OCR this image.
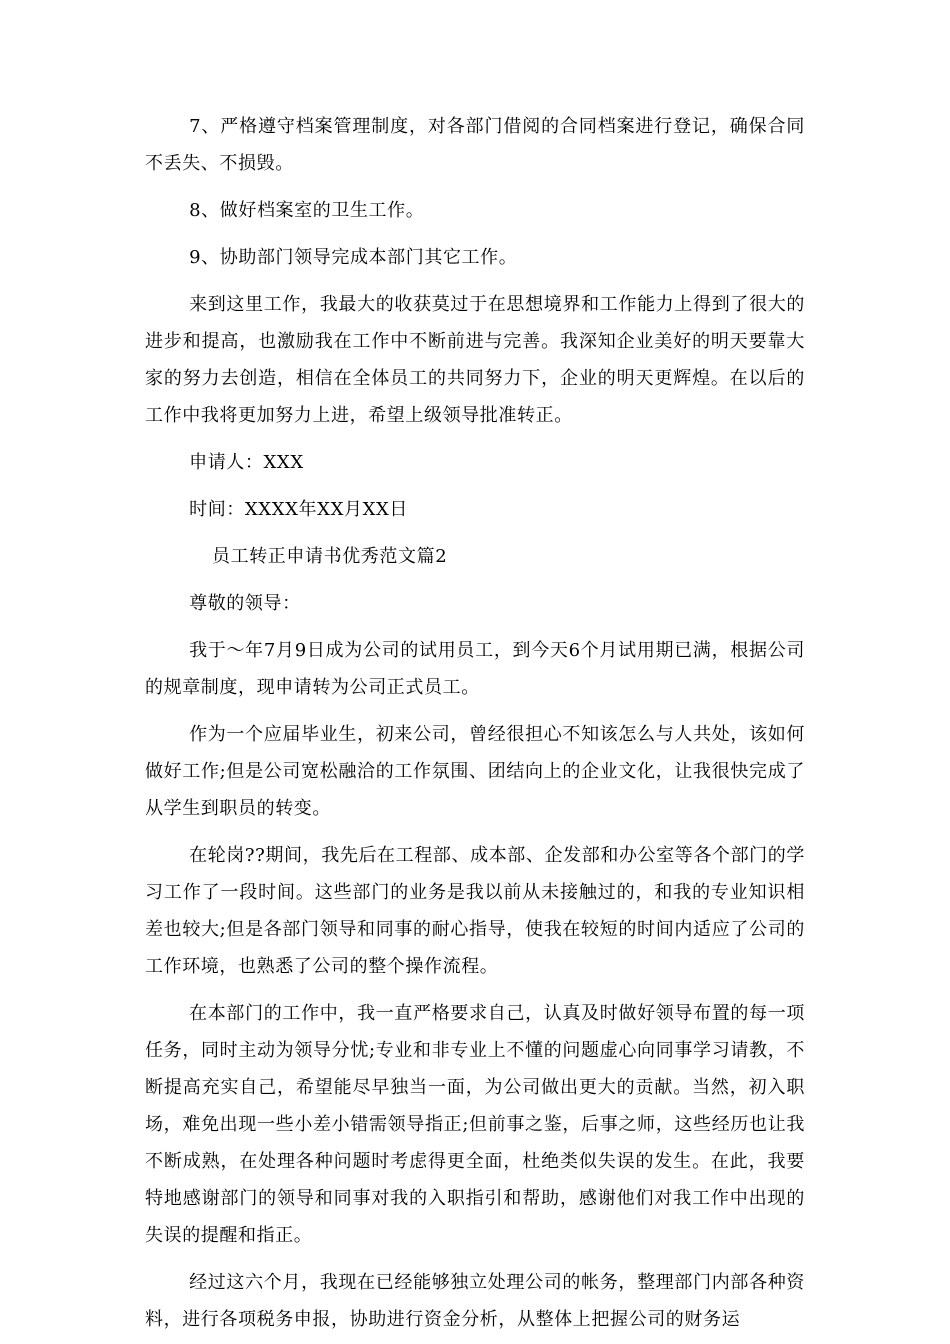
7、严格遵守档案管理制度，对各部门借阅的合同档案进行登记，确保合同不丢失、不损毁。

8、做好档案室的卫生工作。

9、协助部门领导完成本部门其它工作。

来到这里工作，我最大的收获莫过于在思想境界和工作能力上得到了很大的进步和提高，也激励我在工作中不断前进与完善。我深知企业美好的明天要靠大家的努力去创造，相信在全体员工的共同努力下，企业的明天更辉煌。在以后的工作中我将更加努力上进，希望上级领导批准转正。

申请人：XXX

时间：XXXX年XX月XX日

员工转正申请书优秀范文篇2

尊敬的领导：

我于～年7月9日成为公司的试用员工，到今天6个月试用期已满，根据公司的规章制度，现申请转为公司正式员工。

作为一个应届毕业生，初来公司，曾经很担心不知该怎么与人共处，该如何做好工作;但是公司宽松融洽的工作氛围、团结向上的企业文化，让我很快完成了从学生到职员的转变。

在轮岗??期间，我先后在工程部、成本部、企发部和办公室等各个部门的学习工作了一段时间。这些部门的业务是我以前从未接触过的，和我的专业知识相差也较大;但是各部门领导和同事的耐心指导，使我在较短的时间内适应了公司的工作环境，也熟悉了公司的整个操作流程。

在本部门的工作中，我一直严格要求自己，认真及时做好领导布置的每一项任务，同时主动为领导分忧;专业和非专业上不懂的问题虚心向同事学习请教，不断提高充实自己，希望能尽早独当一面，为公司做出更大的贡献。当然，初入职场，难免出现一些小差小错需领导指正;但前事之鉴，后事之师，这些经历也让我不断成熟，在处理各种问题时考虑得更全面，杜绝类似失误的发生。在此，我要特地感谢部门的领导和同事对我的入职指引和帮助，感谢他们对我工作中出现的失误的提醒和指正。

经过这六个月，我现在已经能够独立处理公司的帐务，整理部门内部各种资料，进行各项税务申报，协助进行资金分析，从整体上把握公司的财务运
